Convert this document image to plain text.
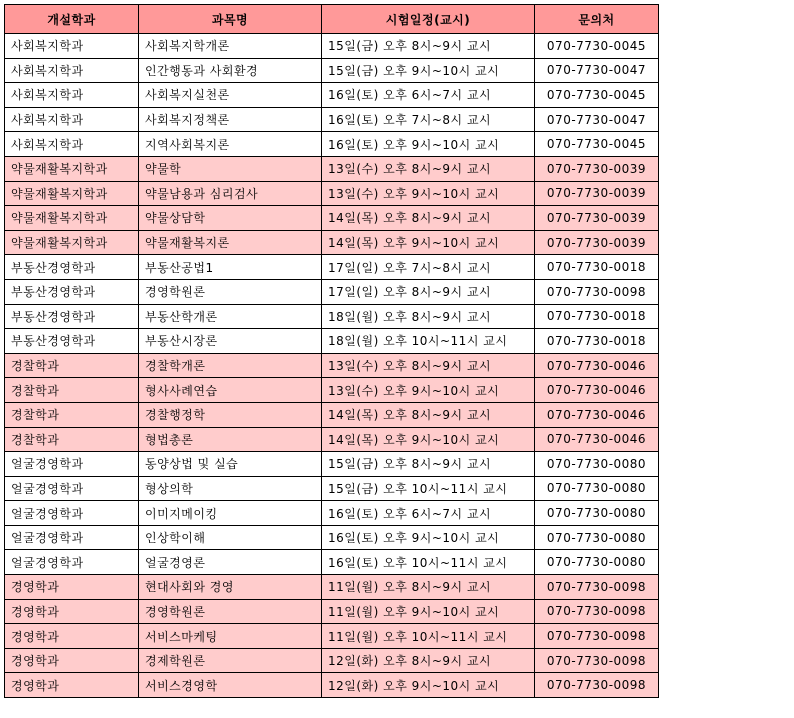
개설학과	과목명	시험일정(교시)	문의처
사회복지학과	사회복지학개론	15일(금) 오후 8시~9시 교시	070-7730-0045
사회복지학과	인간행동과 사회환경	15일(금) 오후 9시~10시 교시	070-7730-0047
사회복지학과	사회복지실천론	16일(토) 오후 6시~7시 교시	070-7730-0045
사회복지학과	사회복지정책론	16일(토) 오후 7시~8시 교시	070-7730-0047
사회복지학과	지역사회복지론	16일(토) 오후 9시~10시 교시	070-7730-0045
약물재활복지학과	약물학	13일(수) 오후 8시~9시 교시	070-7730-0039
약물재활복지학과	약물남용과 심리검사	13일(수) 오후 9시~10시 교시	070-7730-0039
약물재활복지학과	약물상담학	14일(목) 오후 8시~9시 교시	070-7730-0039
약물재활복지학과	약물재활복지론	14일(목) 오후 9시~10시 교시	070-7730-0039
부동산경영학과	부동산공법1	17일(일) 오후 7시~8시 교시	070-7730-0018
부동산경영학과	경영학원론	17일(일) 오후 8시~9시 교시	070-7730-0098
부동산경영학과	부동산학개론	18일(월) 오후 8시~9시 교시	070-7730-0018
부동산경영학과	부동산시장론	18일(월) 오후 10시~11시 교시	070-7730-0018
경찰학과	경찰학개론	13일(수) 오후 8시~9시 교시	070-7730-0046
경찰학과	형사사례연습	13일(수) 오후 9시~10시 교시	070-7730-0046
경찰학과	경찰행정학	14일(목) 오후 8시~9시 교시	070-7730-0046
경찰학과	형법총론	14일(목) 오후 9시~10시 교시	070-7730-0046
얼굴경영학과	동양상법 및 실습	15일(금) 오후 8시~9시 교시	070-7730-0080
얼굴경영학과	형상의학	15일(금) 오후 10시~11시 교시	070-7730-0080
얼굴경영학과	이미지메이킹	16일(토) 오후 6시~7시 교시	070-7730-0080
얼굴경영학과	인상학이해	16일(토) 오후 9시~10시 교시	070-7730-0080
얼굴경영학과	얼굴경영론	16일(토) 오후 10시~11시 교시	070-7730-0080
경영학과	현대사회와 경영	11일(월) 오후 8시~9시 교시	070-7730-0098
경영학과	경영학원론	11일(월) 오후 9시~10시 교시	070-7730-0098
경영학과	서비스마케팅	11일(월) 오후 10시~11시 교시	070-7730-0098
경영학과	경제학원론	12일(화) 오후 8시~9시 교시	070-7730-0098
경영학과	서비스경영학	12일(화) 오후 9시~10시 교시	070-7730-0098
